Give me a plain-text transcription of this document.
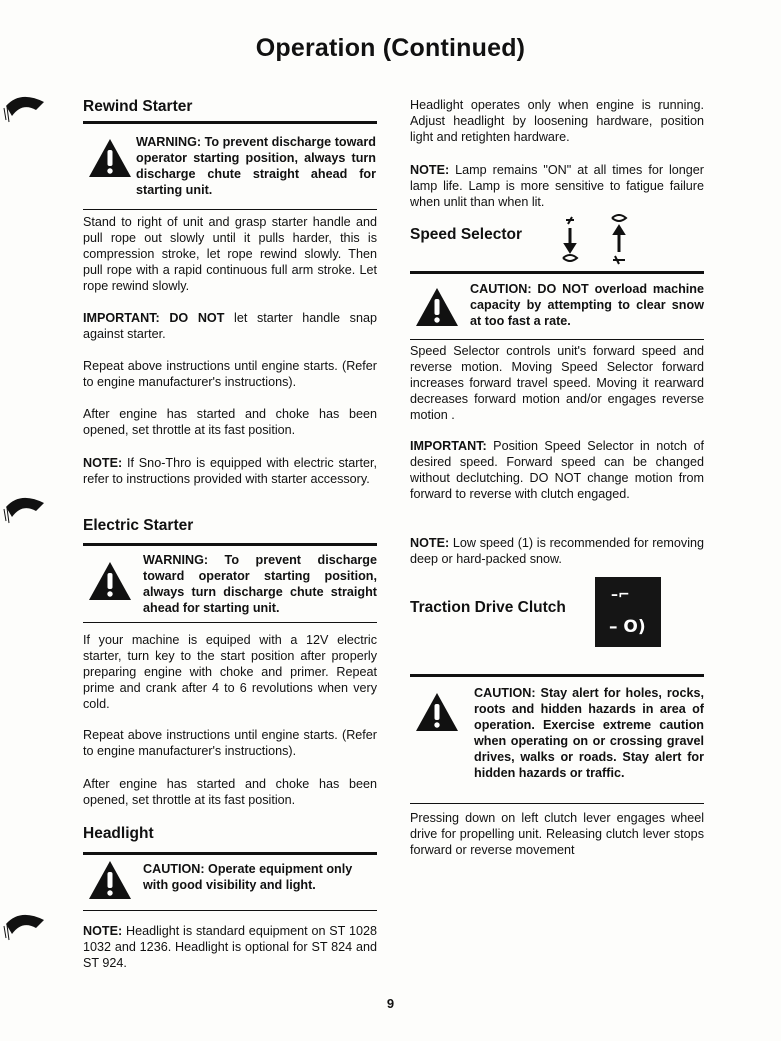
Operation (Continued)
Rewind Starter
WARNING: To prevent discharge toward operator starting position, always turn discharge chute straight ahead for starting unit.

Stand to right of unit and grasp starter handle and pull rope out slowly until it pulls harder, this is compression stroke, let rope rewind slowly. Then pull rope with a rapid continuous full arm stroke. Let rope rewind slowly.

IMPORTANT: DO NOT let starter handle snap against starter.

Repeat above instructions until engine starts. (Refer to engine manufacturer's instructions).

After engine has started and choke has been opened, set throttle at its fast position.

NOTE: If Sno-Thro is equipped with electric starter, refer to instructions provided with starter accessory.

Electric Starter
WARNING: To prevent discharge toward operator starting position, always turn discharge chute straight ahead for starting unit.

If your machine is equiped with a 12V electric starter, turn key to the start position after properly preparing engine with choke and primer. Repeat prime and crank after 4 to 6 revolutions when very cold.

Repeat above instructions until engine starts. (Refer to engine manufacturer's instructions).

After engine has started and choke has been opened, set throttle at its fast position.

Headlight
CAUTION: Operate equipment only with good visibility and light.

NOTE: Headlight is standard equipment on ST 1028 1032 and 1236. Headlight is optional for ST 824 and ST 924.

Headlight operates only when engine is running. Adjust headlight by loosening hardware, position light and retighten hardware.

NOTE: Lamp remains "ON" at all times for longer lamp life. Lamp is more sensitive to fatigue failure when unlit than when lit.

Speed Selector
CAUTION: DO NOT overload machine capacity by attempting to clear snow at too fast a rate.

Speed Selector controls unit's forward speed and reverse motion. Moving Speed Selector forward increases forward travel speed. Moving it rearward decreases forward motion and/or engages reverse motion .

IMPORTANT: Position Speed Selector in notch of desired speed. Forward speed can be changed without declutching. DO NOT change motion from forward to reverse with clutch engaged.

NOTE: Low speed (1) is recommended for removing deep or hard-packed snow.

Traction Drive Clutch
–⌐
– O)
CAUTION: Stay alert for holes, rocks, roots and hidden hazards in area of operation. Exercise extreme caution when operating on or crossing gravel drives, walks or roads. Stay alert for hidden hazards or traffic.

Pressing down on left clutch lever engages wheel drive for propelling unit. Releasing clutch lever stops forward or reverse movement

9
